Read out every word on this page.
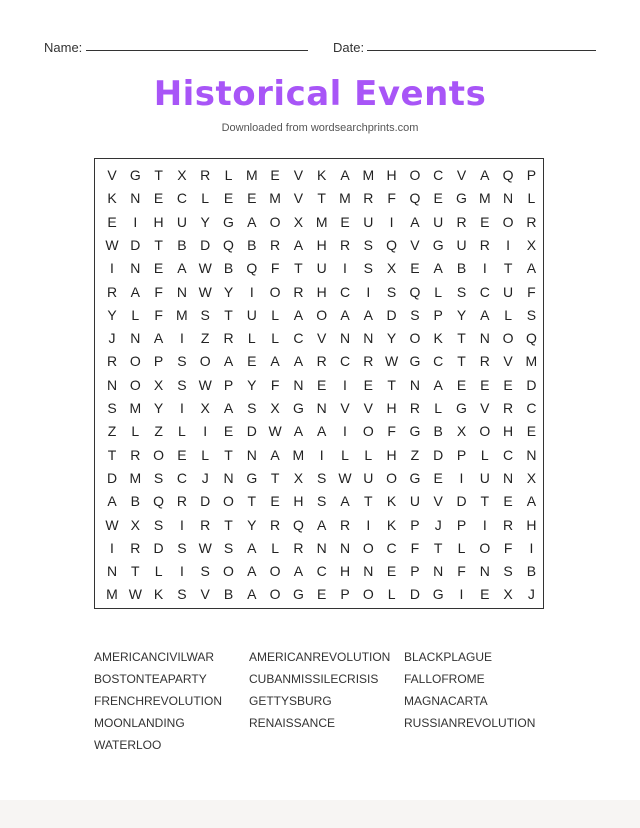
Name:	Date:
Historical Events
Downloaded from wordsearchprints.com
V G T	X R	L M E V K A M H O C V A Q P
K N E C	L	E E M V	T M R F Q E G M N	L
E	I	H U Y G A O X M E U	I	A U R E O R
W D T	B D Q B R A H R S Q V G U R	I	X
I	N E A W B Q F	T U	I	S X E A B	I	T	A
R A	F N W Y	I	O R H C	I	S Q L	S C U F
Y	L	F M S	T U	L	A O A A D S P Y A	L	S
J	N A	I	Z R	L	L	C V N N Y O K	T N O Q
R O P S O A E A A R C R W G C T R V M
N O X S W P Y	F N E	I	E	T N A E E E D
S M Y	I	X A S X G N V V H R	L G V R C
Z	L	Z	L	I	E D W A A	I	O F G B X O H E
T R O E	L	T N A M	I	L	L	H Z D P	L	C N
D M S C	J	N G T	X S W U O G E	I	U N X
A B Q R D O T	E H S A	T	K U V D T	E A
W X S	I	R T	Y R Q A R	I	K P	J	P	I	R H
I	R D S W S A	L	R N N O C F	T	L O F	I
N T	L	I	S O A O A C H N E P N F N S B
M W K S V B A O G E P O L	D G	I	E X	J
AMERICANCIVILWAR	AMERICANREVOLUTION BLACKPLAGUE
BOSTONTEAPARTY	CUBANMISSILECRISIS FALLOFROME
FRENCHREVOLUTION GETTYSBURG	MAGNACARTA
MOONLANDING	RENAISSANCE	RUSSIANREVOLUTION
WATERLOO
